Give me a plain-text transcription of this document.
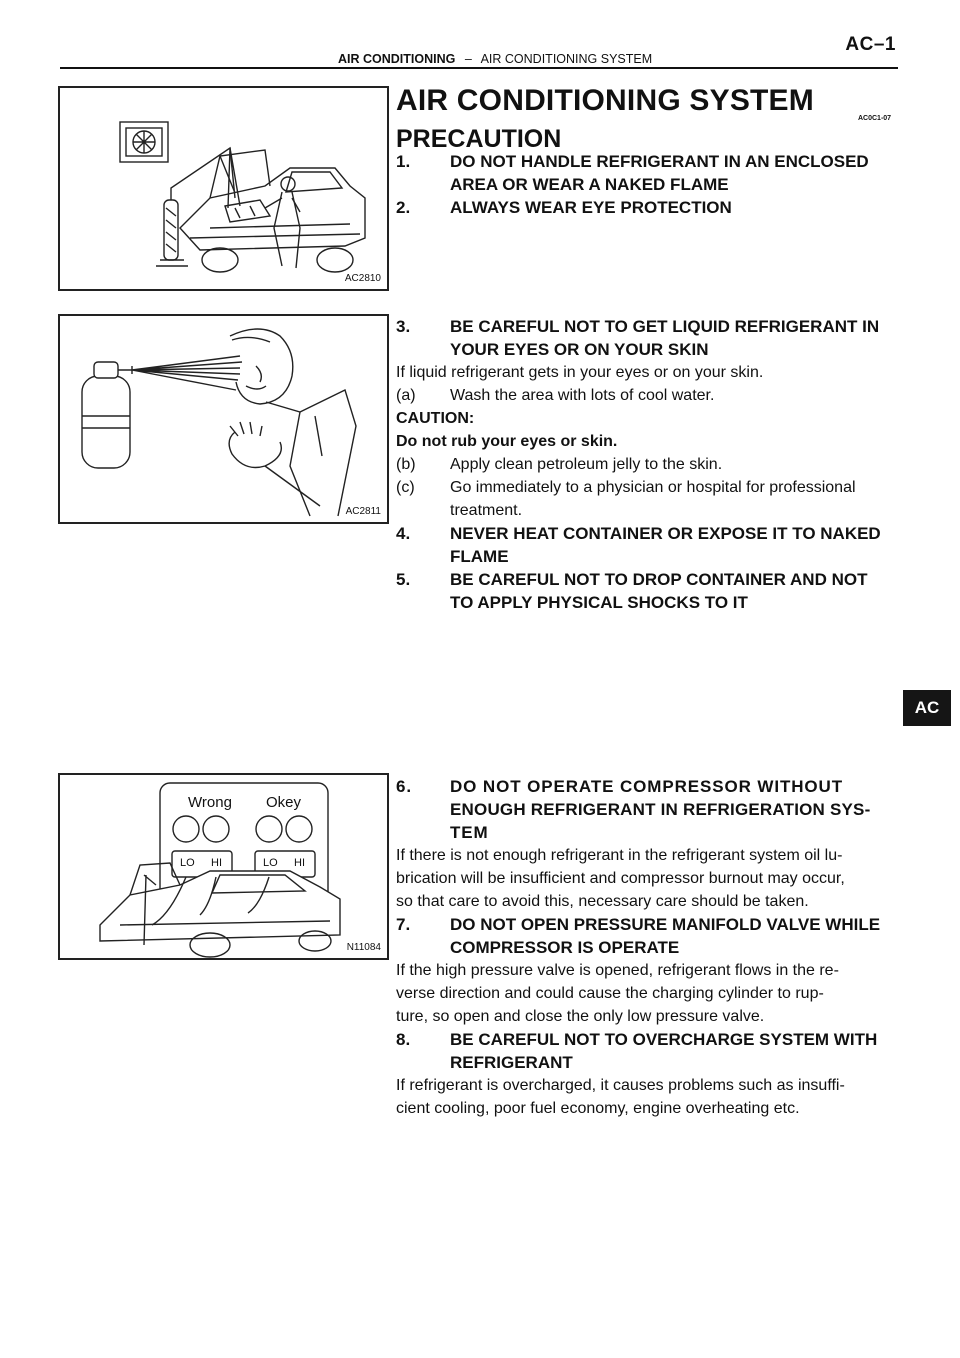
AC–1
AIR CONDITIONING – AIR CONDITIONING SYSTEM
AC2810
AC2811
Wrong Okey
LO HI	LO HI
N11084
AIR CONDITIONING SYSTEM
PRECAUTION
AC0C1-07
1. DO NOT HANDLE REFRIGERANT IN AN ENCLOSED
AREA OR WEAR A NAKED FLAME
2. ALWAYS WEAR EYE PROTECTION
3. BE CAREFUL NOT TO GET LIQUID REFRIGERANT IN
YOUR EYES OR ON YOUR SKIN
If liquid refrigerant gets in your eyes or on your skin.
(a) Wash the area with lots of cool water.
CAUTION:
Do not rub your eyes or skin.
(b) Apply clean petroleum jelly to the skin.
(c) Go immediately to a physician or hospital for professional
treatment.
4. NEVER HEAT CONTAINER OR EXPOSE IT TO NAKED
FLAME
5. BE CAREFUL NOT TO DROP CONTAINER AND NOT
TO APPLY PHYSICAL SHOCKS TO IT
AC
6. DO NOT OPERATE COMPRESSOR WITHOUT
ENOUGH REFRIGERANT IN REFRIGERATION SYS-
TEM
If there is not enough refrigerant in the refrigerant system oil lu-
brication will be insufficient and compressor burnout may occur,
so that care to avoid this, necessary care should be taken.
7. DO NOT OPEN PRESSURE MANIFOLD VALVE WHILE
COMPRESSOR IS OPERATE
If the high pressure valve is opened, refrigerant flows in the re-
verse direction and could cause the charging cylinder to rup-
ture, so open and close the only low pressure valve.
8. BE CAREFUL NOT TO OVERCHARGE SYSTEM WITH
REFRIGERANT
If refrigerant is overcharged, it causes problems such as insuffi-
cient cooling, poor fuel economy, engine overheating etc.
